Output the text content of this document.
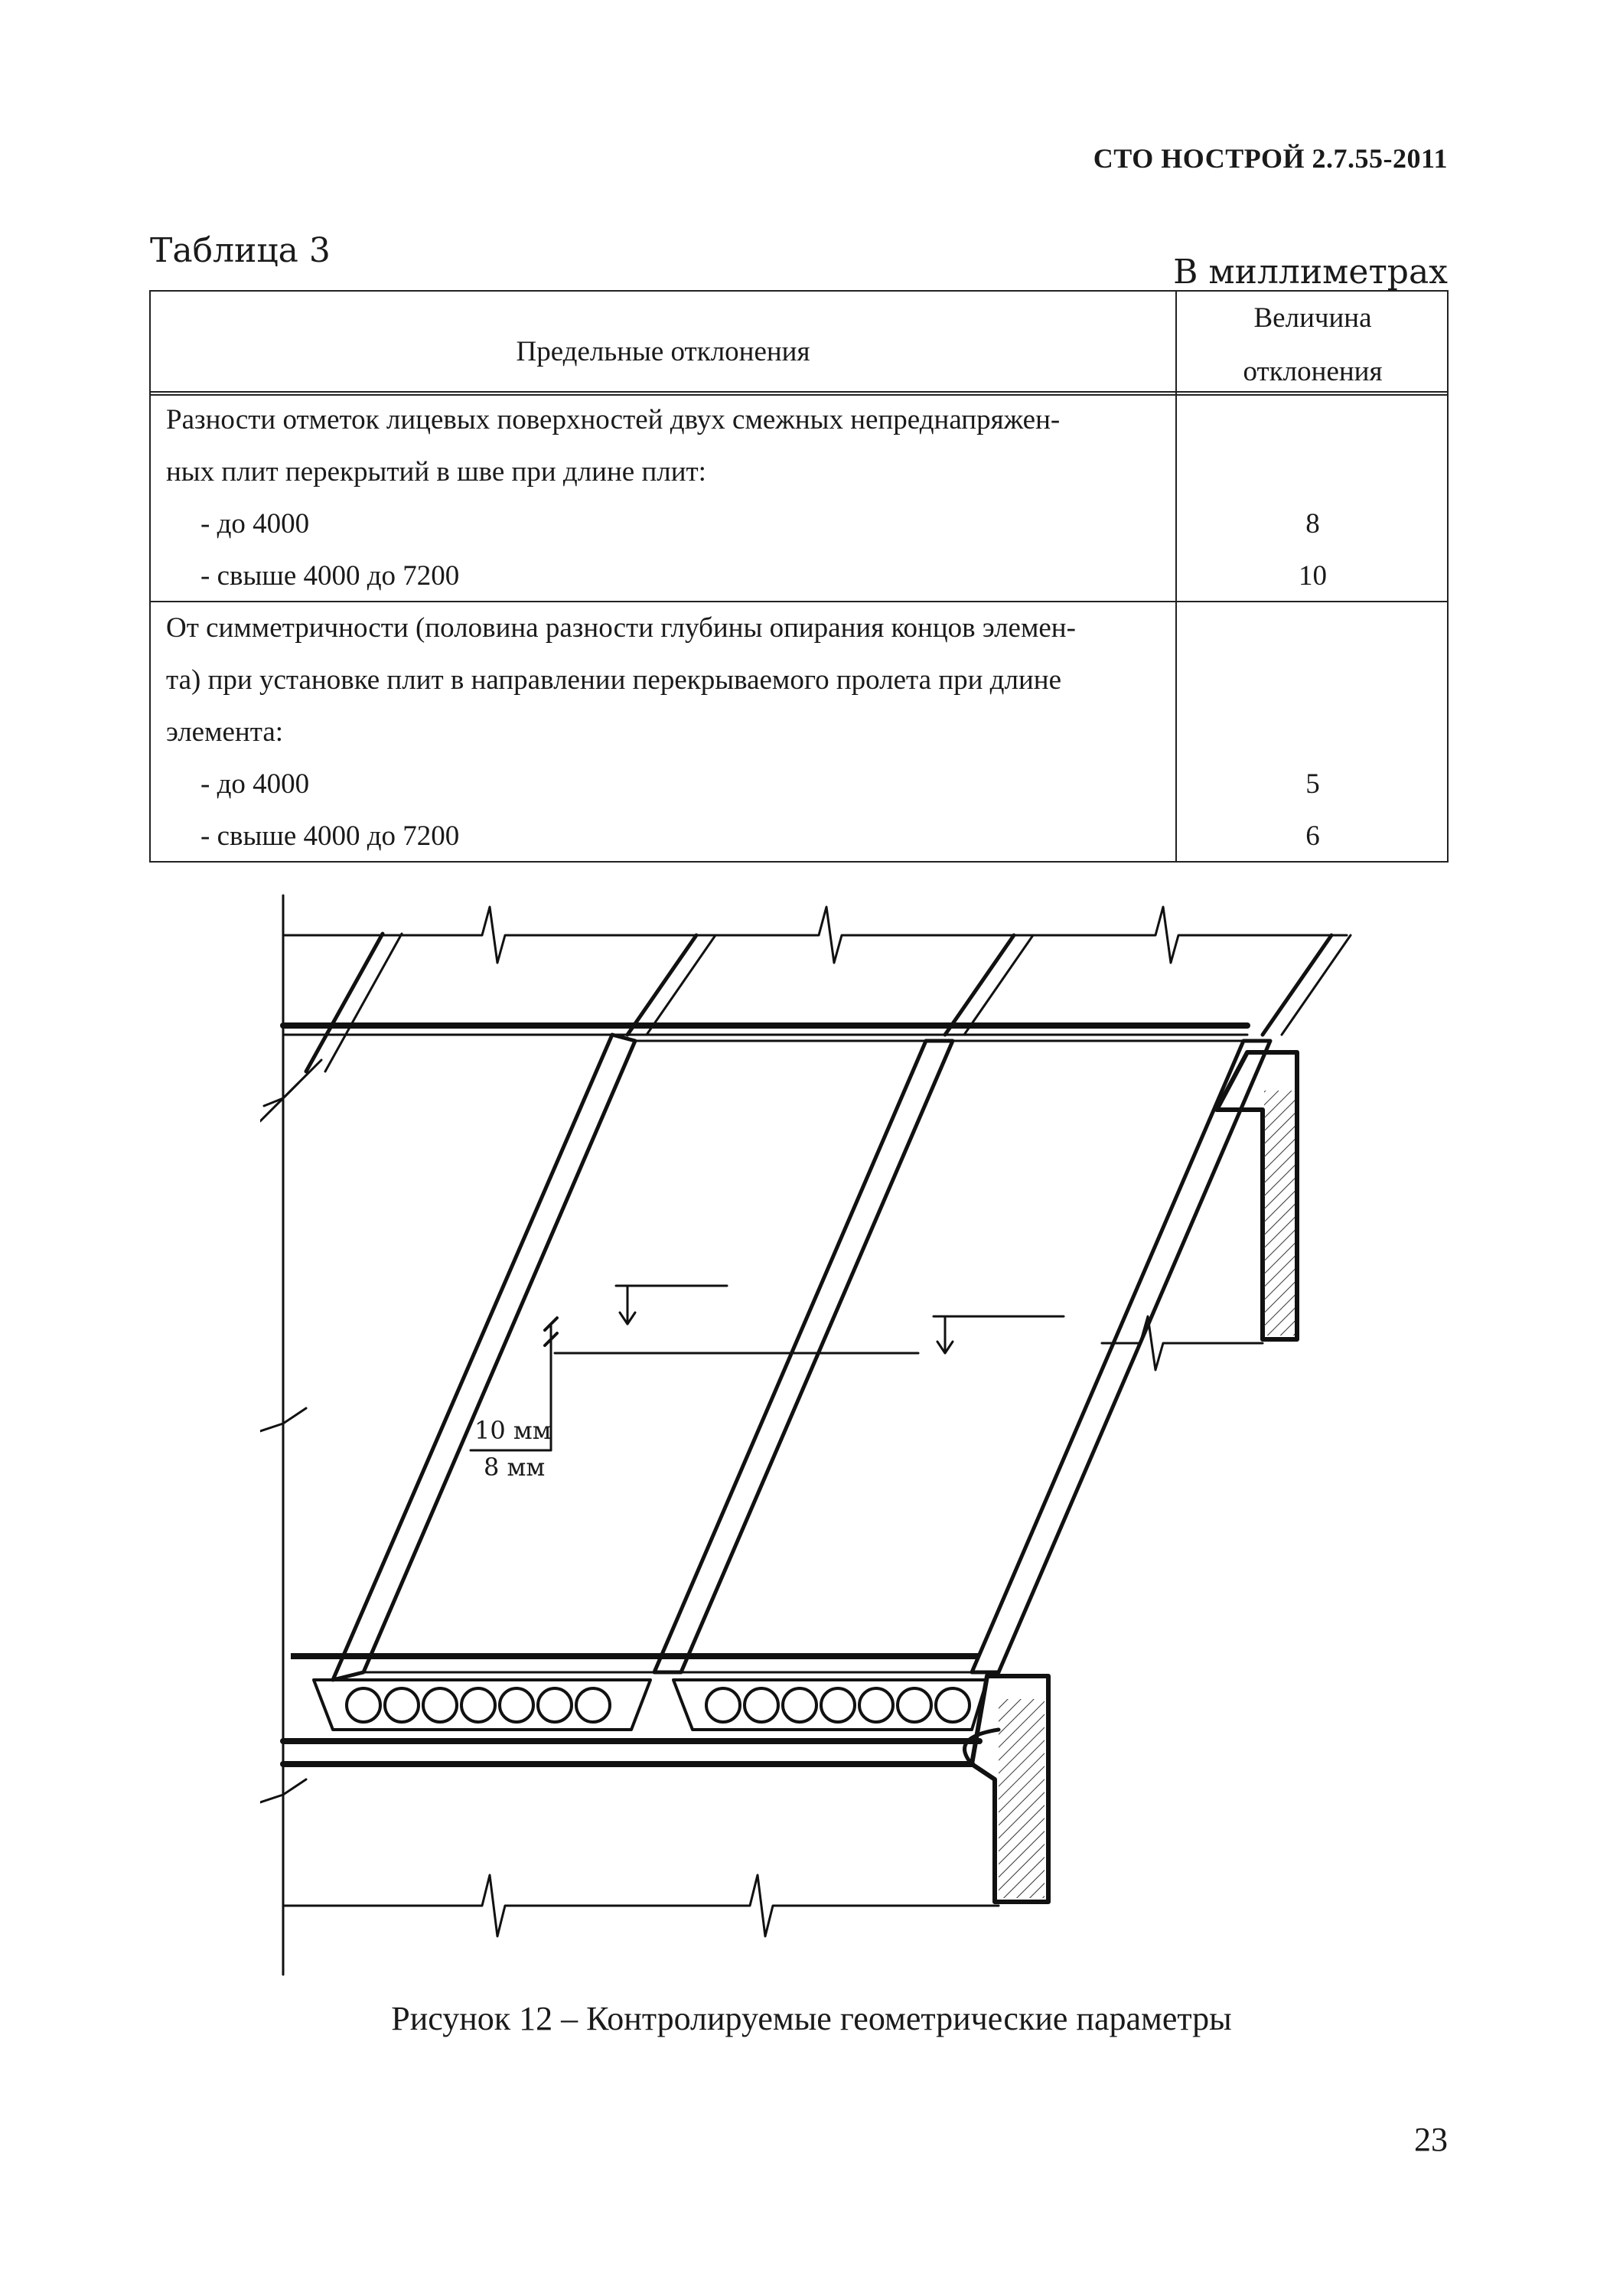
СТО НОСТРОЙ 2.7.55-2011
Таблица 3
В миллиметрах
Предельные отклонения
Величина
отклонения
Разности отметок лицевых поверхностей двух смежных непреднапряжен-
ных плит перекрытий в шве при длине плит:
- до 4000
- свыше 4000 до 7200
8
10
От симметричности (половина разности глубины опирания концов элемен-
та) при установке плит в направлении перекрываемого пролета при длине
элемента:
- до 4000
- свыше 4000 до 7200
5
6
10 мм
8 мм
Рисунок 12 – Контролируемые геометрические параметры
23
